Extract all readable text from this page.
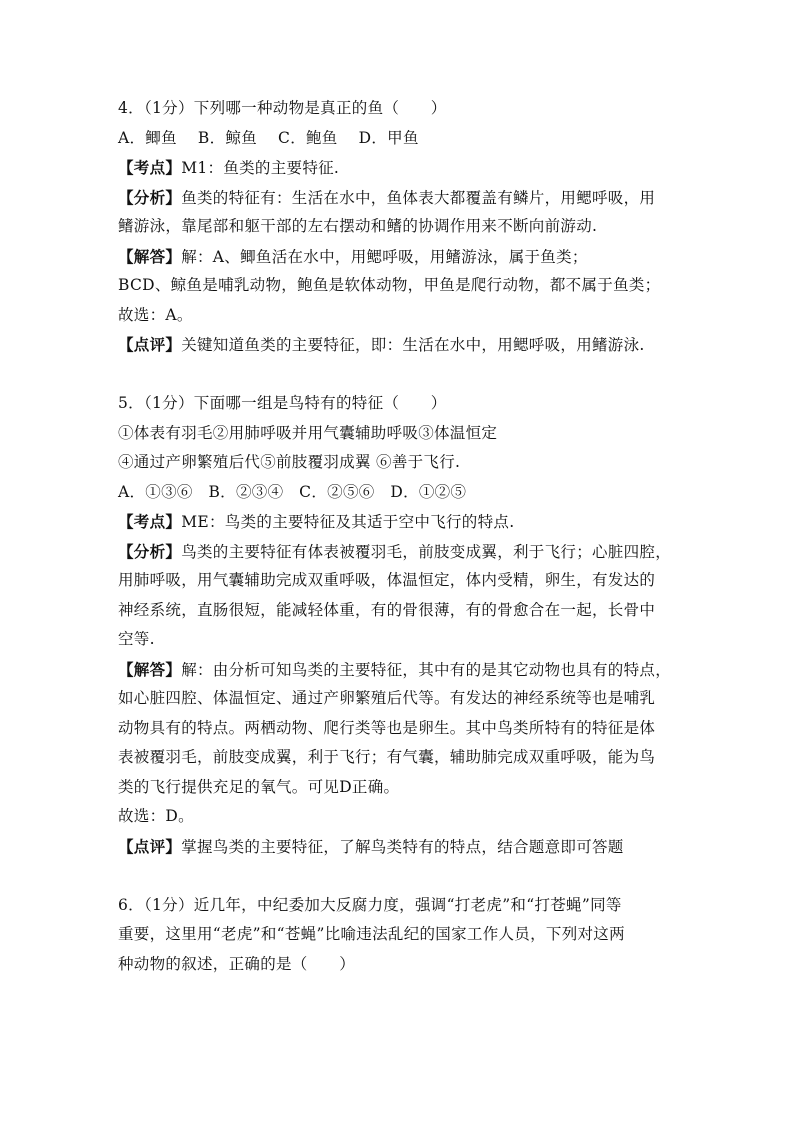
4．（1分）下列哪一种动物是真正的鱼（　　）
A．鲫鱼　 B．鲸鱼　 C．鲍鱼　 D．甲鱼
【考点】M1：鱼类的主要特征.
【分析】鱼类的特征有：生活在水中，鱼体表大都覆盖有鳞片，用鳃呼吸，用
鳍游泳，靠尾部和躯干部的左右摆动和鳍的协调作用来不断向前游动.
【解答】解：A、鲫鱼活在水中，用鳃呼吸，用鳍游泳，属于鱼类；
BCD、鲸鱼是哺乳动物，鲍鱼是软体动物，甲鱼是爬行动物，都不属于鱼类；
故选：A。
【点评】关键知道鱼类的主要特征，即：生活在水中，用鳃呼吸，用鳍游泳.
5．（1分）下面哪一组是鸟特有的特征（　　）
①体表有羽毛②用肺呼吸并用气囊辅助呼吸③体温恒定
④通过产卵繁殖后代⑤前肢覆羽成翼 ⑥善于飞行.
A．①③⑥　B．②③④　C．②⑤⑥　D．①②⑤
【考点】ME：鸟类的主要特征及其适于空中飞行的特点.
【分析】鸟类的主要特征有体表被覆羽毛，前肢变成翼，利于飞行；心脏四腔，
用肺呼吸，用气囊辅助完成双重呼吸，体温恒定，体内受精，卵生，有发达的
神经系统，直肠很短，能减轻体重，有的骨很薄，有的骨愈合在一起，长骨中
空等.
【解答】解：由分析可知鸟类的主要特征，其中有的是其它动物也具有的特点，
如心脏四腔、体温恒定、通过产卵繁殖后代等。有发达的神经系统等也是哺乳
动物具有的特点。两栖动物、爬行类等也是卵生。其中鸟类所特有的特征是体
表被覆羽毛，前肢变成翼，利于飞行；有气囊，辅助肺完成双重呼吸，能为鸟
类的飞行提供充足的氧气。可见D正确。
故选：D。
【点评】掌握鸟类的主要特征，了解鸟类特有的特点，结合题意即可答题
6．（1分）近几年，中纪委加大反腐力度，强调“打老虎”和“打苍蝇”同等
重要，这里用“老虎”和“苍蝇”比喻违法乱纪的国家工作人员，下列对这两
种动物的叙述，正确的是（　　）
